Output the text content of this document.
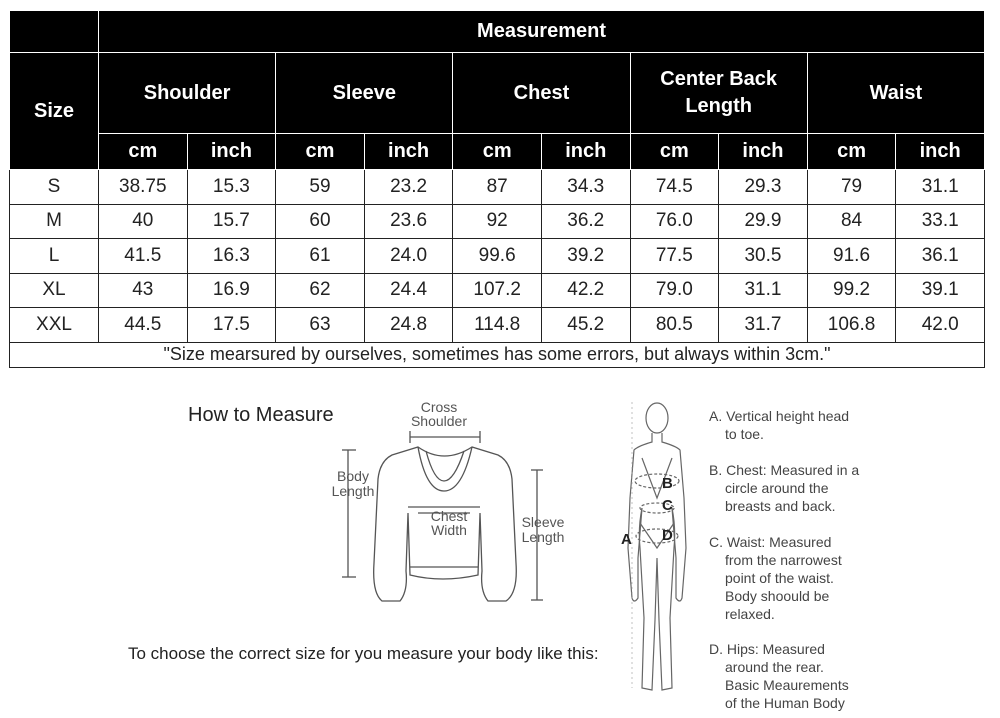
	Measurement									
Size	Shoulder		Sleeve		Chest		Center Back Length		Waist	
	cm	inch	cm	inch	cm	inch	cm	inch	cm	inch
S	38.75	15.3	59	23.2	87	34.3	74.5	29.3	79	31.1
M	40	15.7	60	23.6	92	36.2	76.0	29.9	84	33.1
L	41.5	16.3	61	24.0	99.6	39.2	77.5	30.5	91.6	36.1
XL	43	16.9	62	24.4	107.2	42.2	79.0	31.1	99.2	39.1
XXL	44.5	17.5	63	24.8	114.8	45.2	80.5	31.7	106.8	42.0
"Size mearsured by ourselves, sometimes has some errors, but always within 3cm."										
How to Measure	Cross Shoulder
Body Length
Chest Width	Sleeve Length
To choose the correct size for you measure your body like this:
A
B
C
D
A. Vertical height head
to toe.
B. Chest: Measured in a
circle around the
breasts and back.
C. Waist: Measured
from the narrowest
point of the waist.
Body shoould be
relaxed.
D. Hips: Measured
around the rear.
Basic Meaurements
of the Human Body
